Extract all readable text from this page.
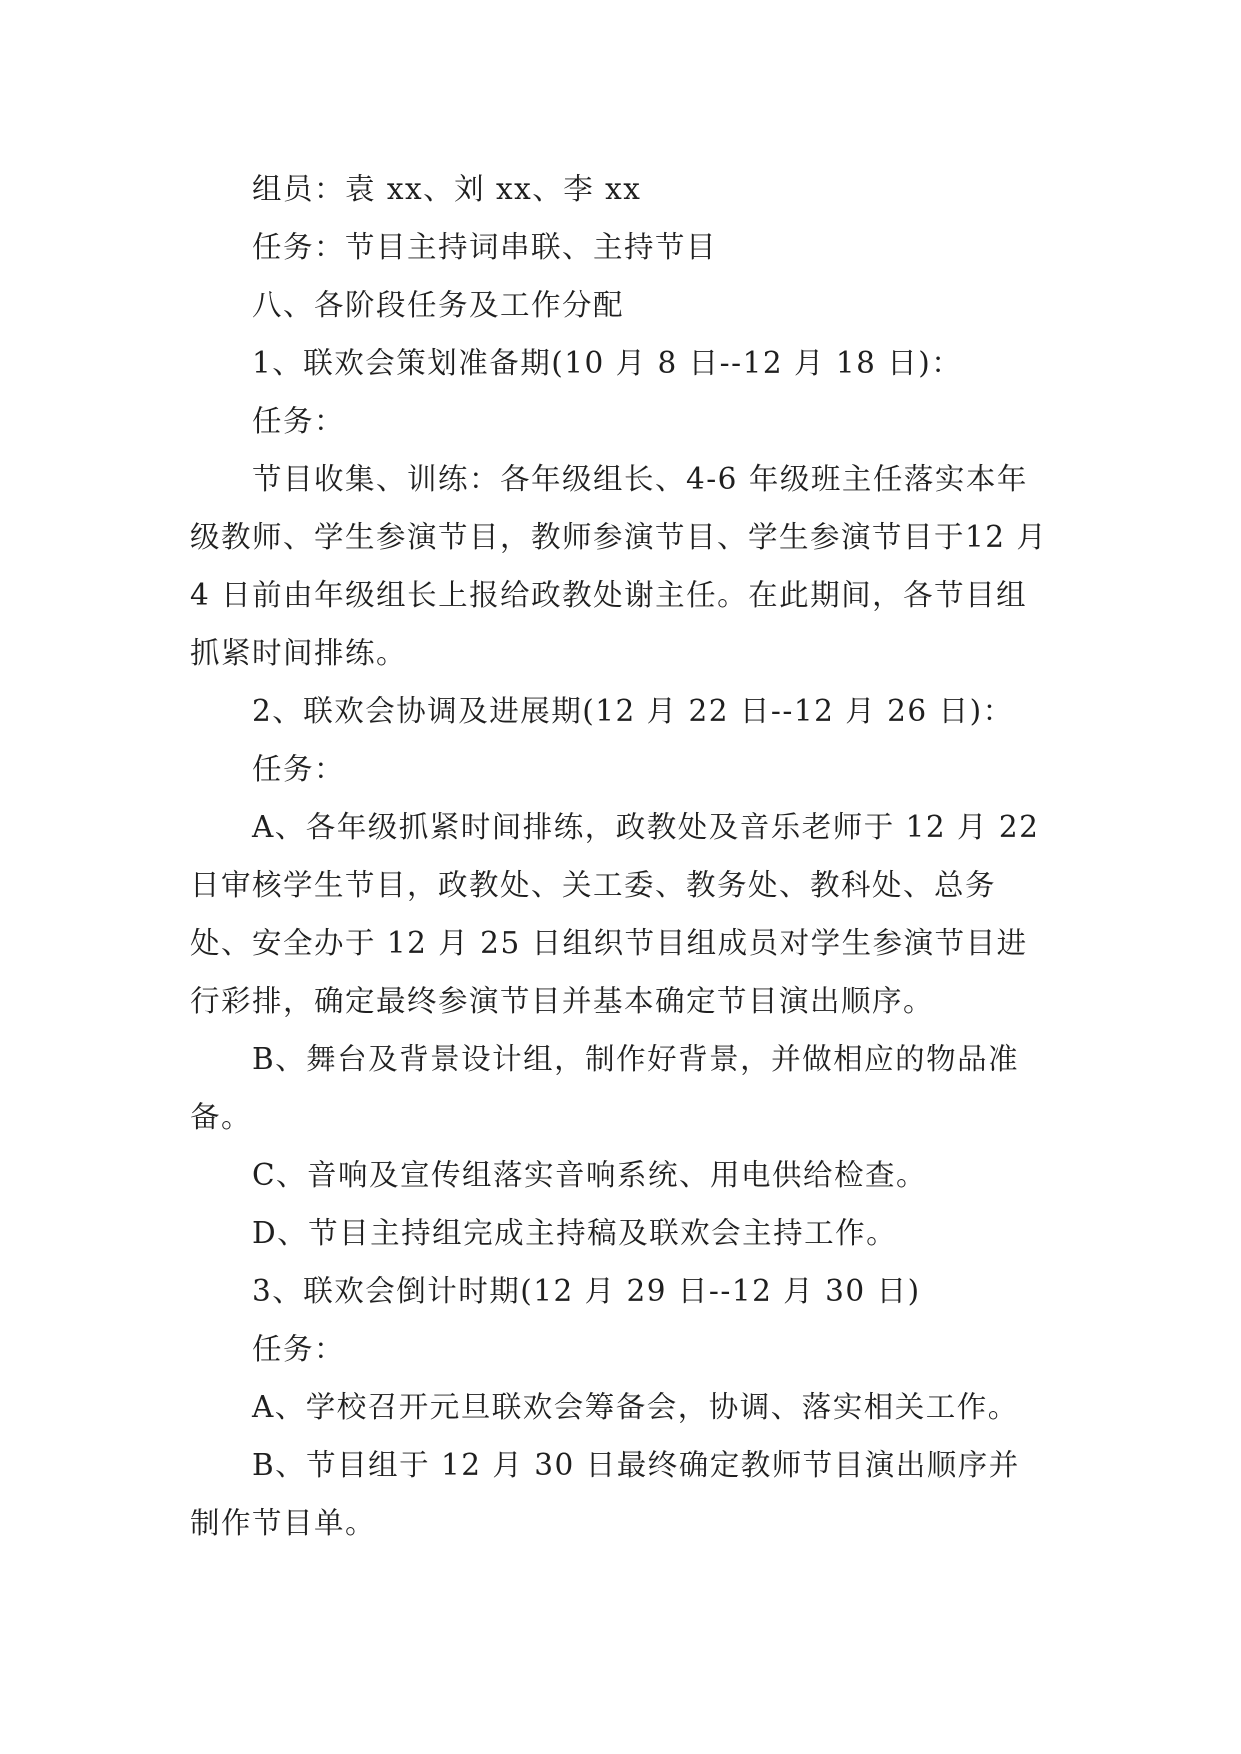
组员：袁 xx、刘 xx、李 xx

任务：节目主持词串联、主持节目

八、各阶段任务及工作分配

1、联欢会策划准备期(10 月 8 日--12 月 18 日)：

任务：

节目收集、训练：各年级组长、4-6 年级班主任落实本年级教师、学生参演节目，教师参演节目、学生参演节目于12 月 4 日前由年级组长上报给政教处谢主任。在此期间，各节目组抓紧时间排练。

2、联欢会协调及进展期(12 月 22 日--12 月 26 日)：

任务：

A、各年级抓紧时间排练，政教处及音乐老师于 12 月 22日审核学生节目，政教处、关工委、教务处、教科处、总务处、安全办于 12 月 25 日组织节目组成员对学生参演节目进行彩排，确定最终参演节目并基本确定节目演出顺序。

B、舞台及背景设计组，制作好背景，并做相应的物品准备。

C、音响及宣传组落实音响系统、用电供给检查。

D、节目主持组完成主持稿及联欢会主持工作。

3、联欢会倒计时期(12 月 29 日--12 月 30 日)

任务：

A、学校召开元旦联欢会筹备会，协调、落实相关工作。

B、节目组于 12 月 30 日最终确定教师节目演出顺序并制作节目单。
